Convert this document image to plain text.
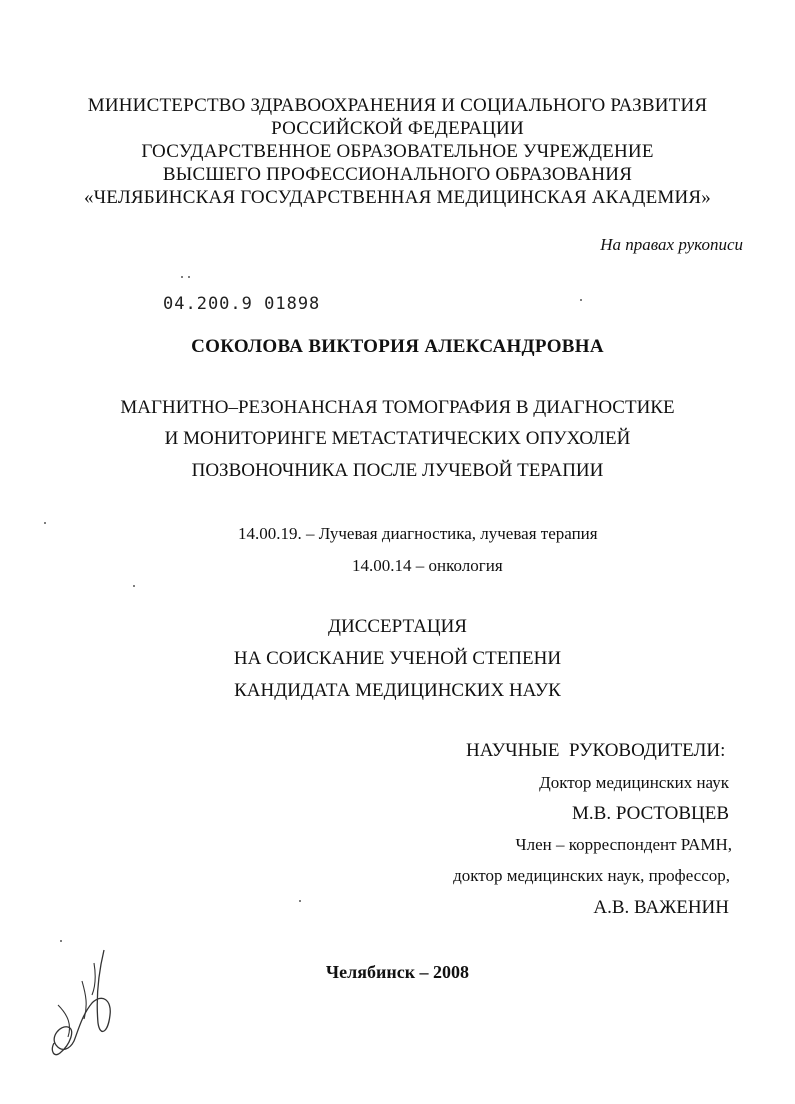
МИНИСТЕРСТВО ЗДРАВООХРАНЕНИЯ И СОЦИАЛЬНОГО РАЗВИТИЯ
РОССИЙСКОЙ ФЕДЕРАЦИИ
ГОСУДАРСТВЕННОЕ ОБРАЗОВАТЕЛЬНОЕ УЧРЕЖДЕНИЕ
ВЫСШЕГО ПРОФЕССИОНАЛЬНОГО ОБРАЗОВАНИЯ
«ЧЕЛЯБИНСКАЯ ГОСУДАРСТВЕННАЯ МЕДИЦИНСКАЯ АКАДЕМИЯ»
На правах рукописи
04.200.9 01898
СОКОЛОВА ВИКТОРИЯ АЛЕКСАНДРОВНА
МАГНИТНО–РЕЗОНАНСНАЯ ТОМОГРАФИЯ В ДИАГНОСТИКЕ
И МОНИТОРИНГЕ МЕТАСТАТИЧЕСКИХ ОПУХОЛЕЙ
ПОЗВОНОЧНИКА ПОСЛЕ ЛУЧЕВОЙ ТЕРАПИИ
14.00.19. – Лучевая диагностика, лучевая терапия
14.00.14 – онкология
ДИССЕРТАЦИЯ
НА СОИСКАНИЕ УЧЕНОЙ СТЕПЕНИ
КАНДИДАТА МЕДИЦИНСКИХ НАУК
НАУЧНЫЕ  РУКОВОДИТЕЛИ:
Доктор медицинских наук
М.В. РОСТОВЦЕВ
Член – корреспондент РАМН,
доктор медицинских наук, профессор,
А.В. ВАЖЕНИН
Челябинск – 2008
